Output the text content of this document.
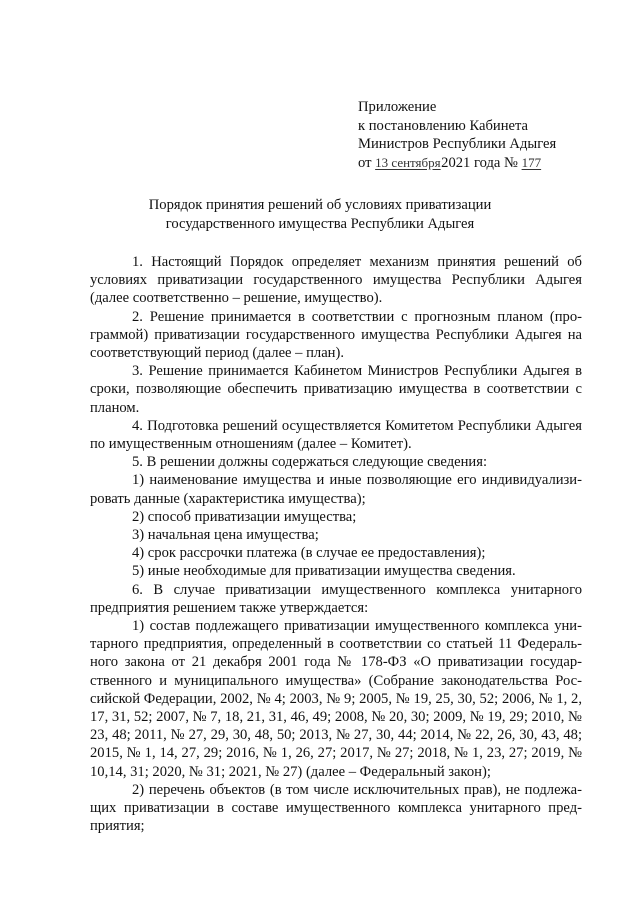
Приложение
к постановлению Кабинета
Министров Республики Адыгея
от 13 сентября2021 года № 177
Порядок принятия решений об условиях приватизации
государственного имущества Республики Адыгея

1. Настоящий Порядок определяет механизм принятия решений об условиях приватизации государственного имущества Республики Адыгея (далее соответственно – решение, имущество).

2. Решение принимается в соответствии с прогнозным планом (программой) приватизации государственного имущества Республики Адыгея на соответствующий период (далее – план).

3. Решение принимается Кабинетом Министров Республики Адыгея в сроки, позволяющие обеспечить приватизацию имущества в соответствии с планом.

4. Подготовка решений осуществляется Комитетом Республики Адыгея по имущественным отношениям (далее – Комитет).

5. В решении должны содержаться следующие сведения:

1) наименование имущества и иные позволяющие его индивидуализировать данные (характеристика имущества);

2) способ приватизации имущества;

3) начальная цена имущества;

4) срок рассрочки платежа (в случае ее предоставления);

5) иные необходимые для приватизации имущества сведения.

6. В случае приватизации имущественного комплекса унитарного предприятия решением также утверждается:

1) состав подлежащего приватизации имущественного комплекса унитарного предприятия, определенный в соответствии со статьей 11 Федерального закона от 21 декабря 2001 года № 178-ФЗ «О приватизации государственного и муниципального имущества» (Собрание законодательства Российской Федерации, 2002, № 4; 2003, № 9; 2005, № 19, 25, 30, 52; 2006, № 1, 2, 17, 31, 52; 2007, № 7, 18, 21, 31, 46, 49; 2008, № 20, 30; 2009, № 19, 29; 2010, № 23, 48; 2011, № 27, 29, 30, 48, 50; 2013, № 27, 30, 44; 2014, № 22, 26, 30, 43, 48; 2015, № 1, 14, 27, 29; 2016, № 1, 26, 27; 2017, № 27; 2018, № 1, 23, 27; 2019, № 10,14, 31; 2020, № 31; 2021, № 27) (далее – Федеральный закон);

2) перечень объектов (в том числе исключительных прав), не подлежащих приватизации в составе имущественного комплекса унитарного предприятия;
